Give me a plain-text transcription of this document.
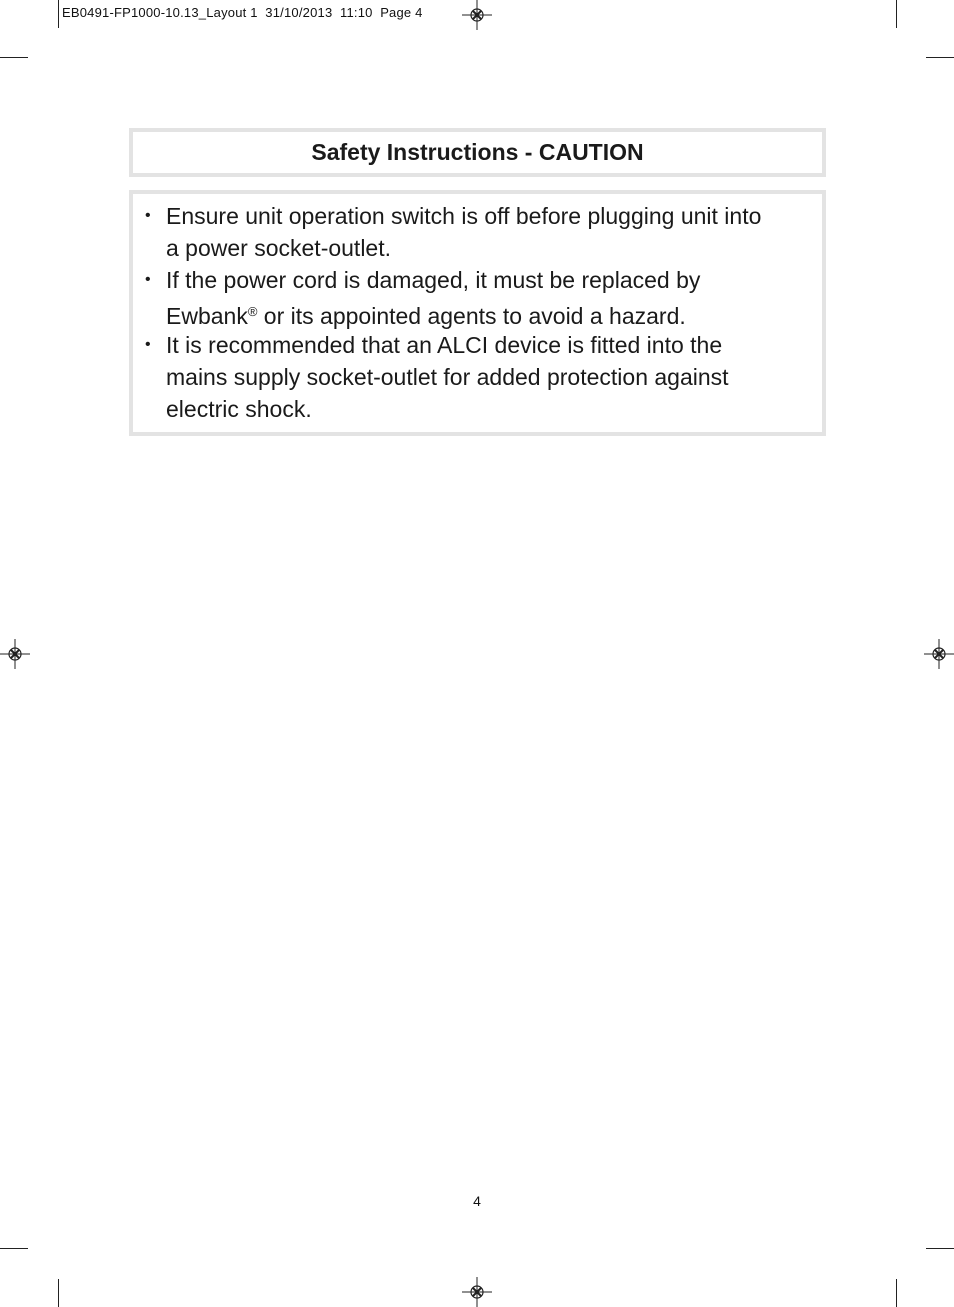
EB0491-FP1000-10.13_Layout 1  31/10/2013  11:10  Page 4
Safety Instructions - CAUTION
• Ensure unit operation switch is off before plugging unit into
a power socket-outlet.
• If the power cord is damaged, it must be replaced by
Ewbank® or its appointed agents to avoid a hazard.
• It is recommended that an ALCI device is fitted into the
mains supply socket-outlet for added protection against
electric shock.
4
